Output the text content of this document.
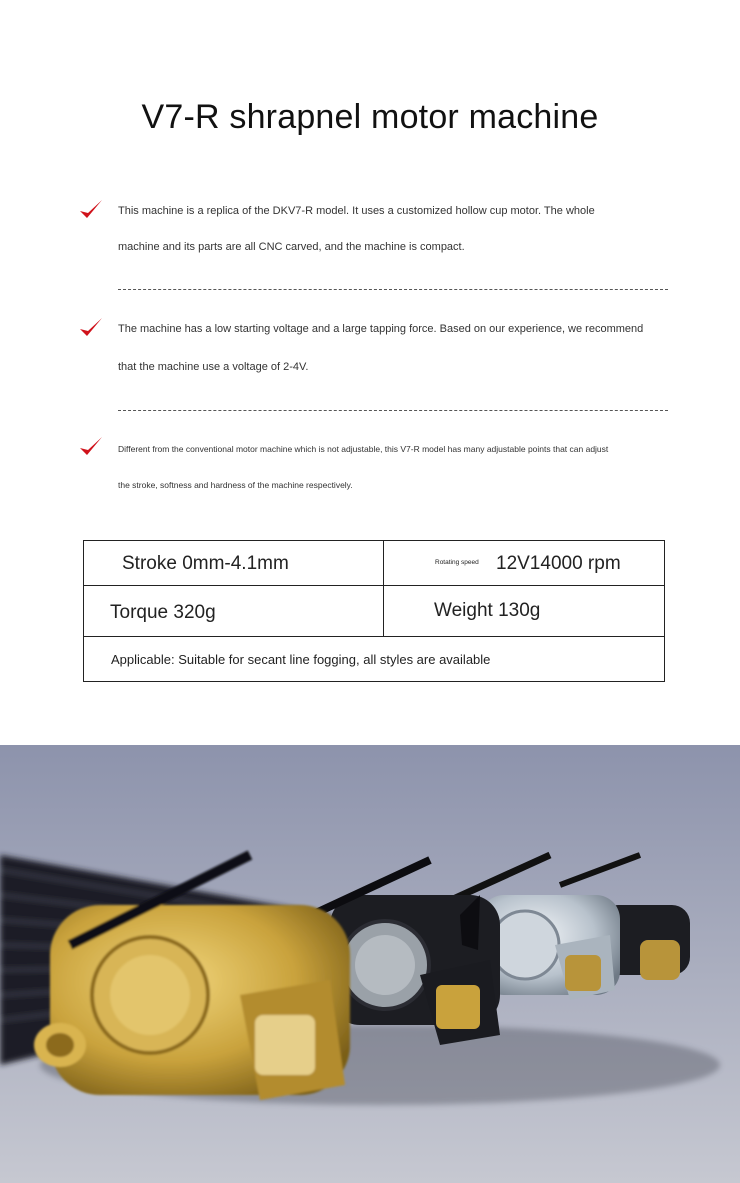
V7-R shrapnel motor machine
This machine is a replica of the DKV7-R model. It uses a customized hollow cup motor. The whole
machine and its parts are all CNC carved, and the machine is compact.
The machine has a low starting voltage and a large tapping force. Based on our experience, we recommend
that the machine use a voltage of 2-4V.
Different from the conventional motor machine which is not adjustable, this V7-R model has many adjustable points that can adjust
the stroke, softness and hardness of the machine respectively.
Stroke 0mm-4.1mm	Rotating speed 12V14000 rpm
Torque 320g	Weight 130g
Applicable: Suitable for secant line fogging, all styles are available
